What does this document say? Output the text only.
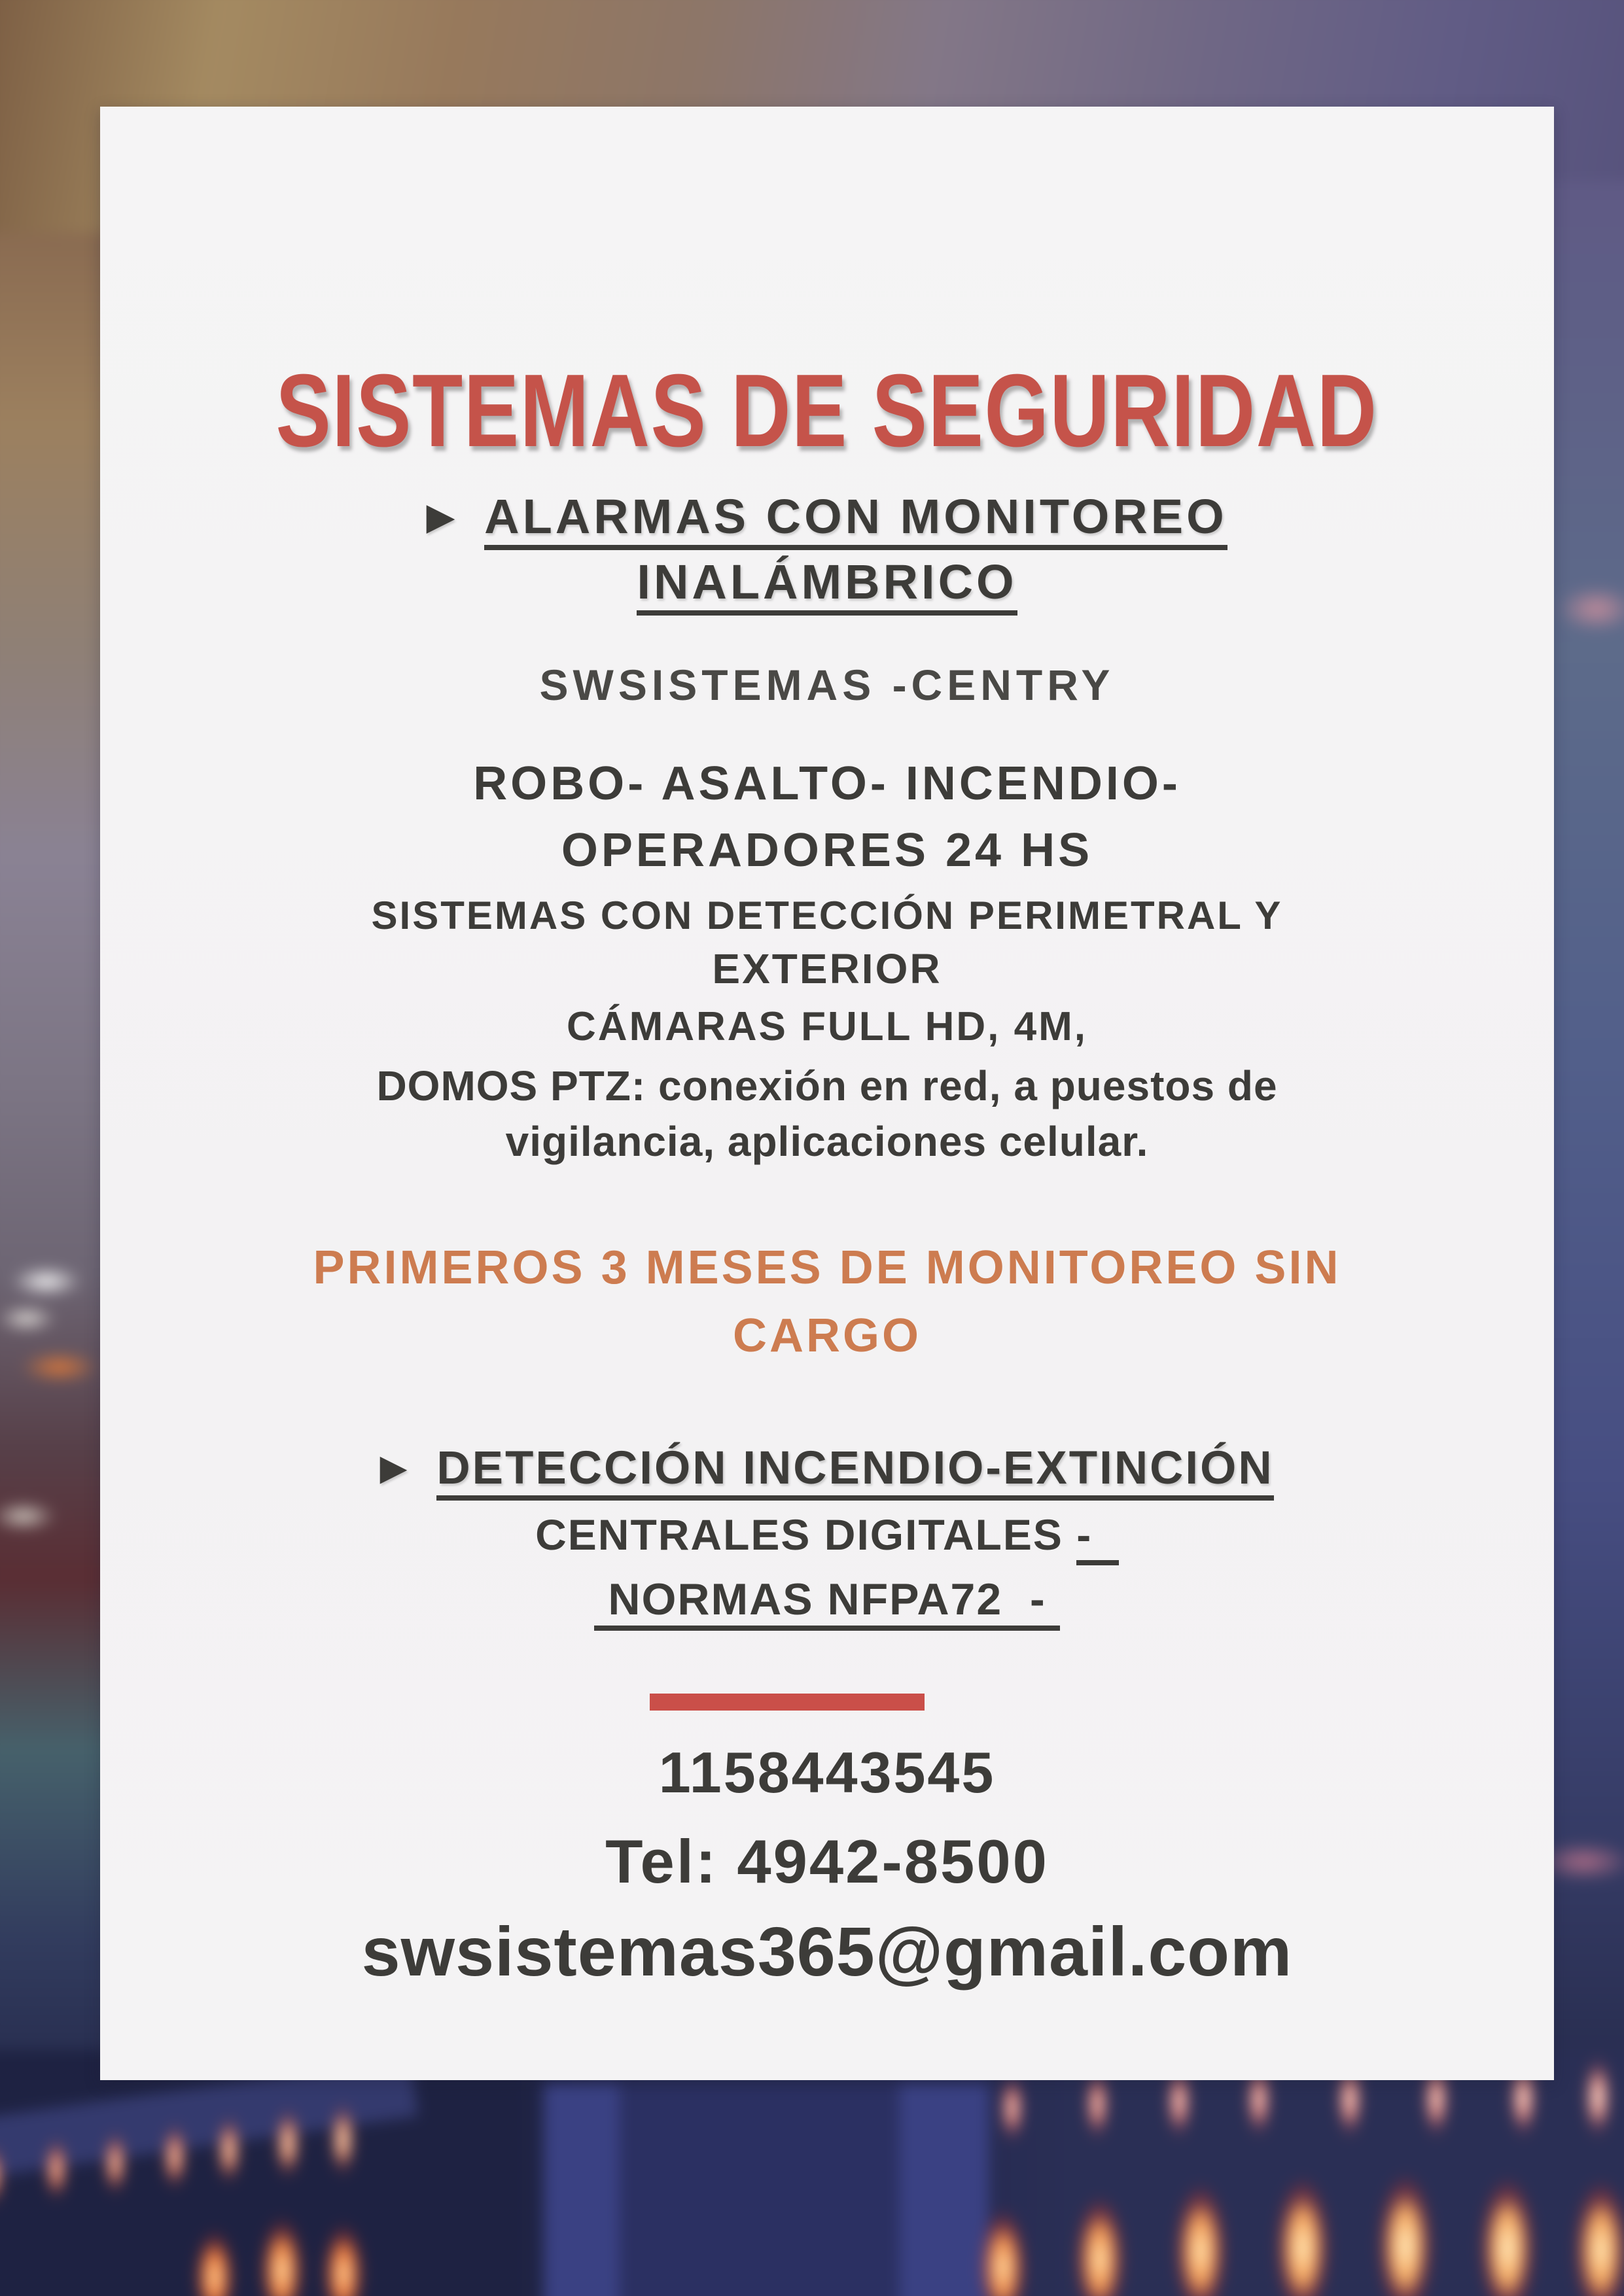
SISTEMAS DE SEGURIDAD
▶ ALARMAS CON MONITOREO
INALÁMBRICO
SWSISTEMAS -CENTRY
ROBO- ASALTO- INCENDIO-
OPERADORES 24 HS
SISTEMAS CON DETECCIÓN PERIMETRAL Y
EXTERIOR
CÁMARAS FULL HD, 4M,
DOMOS PTZ: conexión en red, a puestos de
vigilancia, aplicaciones celular.
PRIMEROS 3 MESES DE MONITOREO SIN
CARGO
▶ DETECCIÓN INCENDIO-EXTINCIÓN
CENTRALES DIGITALES -
NORMAS NFPA72  -
1158443545
Tel: 4942-8500
swsistemas365@gmail.com
